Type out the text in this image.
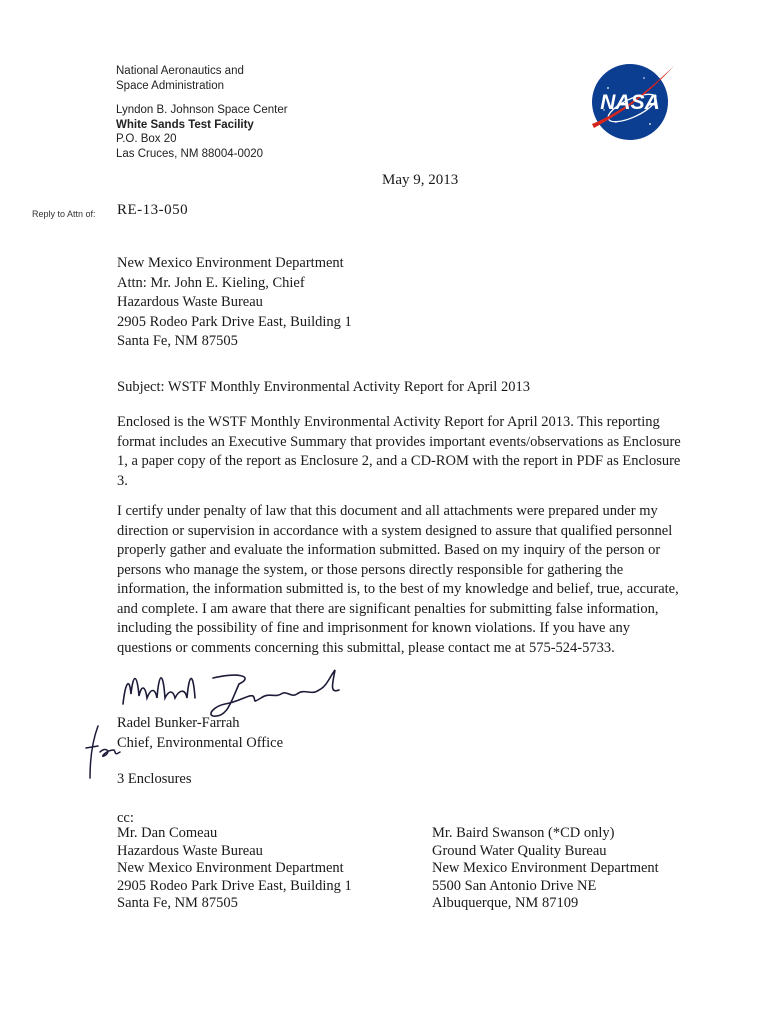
National Aeronautics and
Space Administration
Lyndon B. Johnson Space Center
White Sands Test Facility
P.O. Box 20
Las Cruces, NM 88004-0020
NASA
May 9, 2013
Reply to Attn of: RE-13-050
New Mexico Environment Department
Attn: Mr. John E. Kieling, Chief
Hazardous Waste Bureau
2905 Rodeo Park Drive East, Building 1
Santa Fe, NM 87505
Subject: WSTF Monthly Environmental Activity Report for April 2013

Enclosed is the WSTF Monthly Environmental Activity Report for April 2013. This reporting format includes an Executive Summary that provides important events/observations as Enclosure 1, a paper copy of the report as Enclosure 2, and a CD-ROM with the report in PDF as Enclosure 3.

I certify under penalty of law that this document and all attachments were prepared under my direction or supervision in accordance with a system designed to assure that qualified personnel properly gather and evaluate the information submitted. Based on my inquiry of the person or persons who manage the system, or those persons directly responsible for gathering the information, the information submitted is, to the best of my knowledge and belief, true, accurate, and complete. I am aware that there are significant penalties for submitting false information, including the possibility of fine and imprisonment for known violations. If you have any questions or comments concerning this submittal, please contact me at 575-524-5733.

Radel Bunker-Farrah
Chief, Environmental Office
3 Enclosures
cc:
Mr. Dan Comeau
Hazardous Waste Bureau
New Mexico Environment Department
2905 Rodeo Park Drive East, Building 1
Santa Fe, NM 87505
Mr. Baird Swanson (*CD only)
Ground Water Quality Bureau
New Mexico Environment Department
5500 San Antonio Drive NE
Albuquerque, NM 87109
